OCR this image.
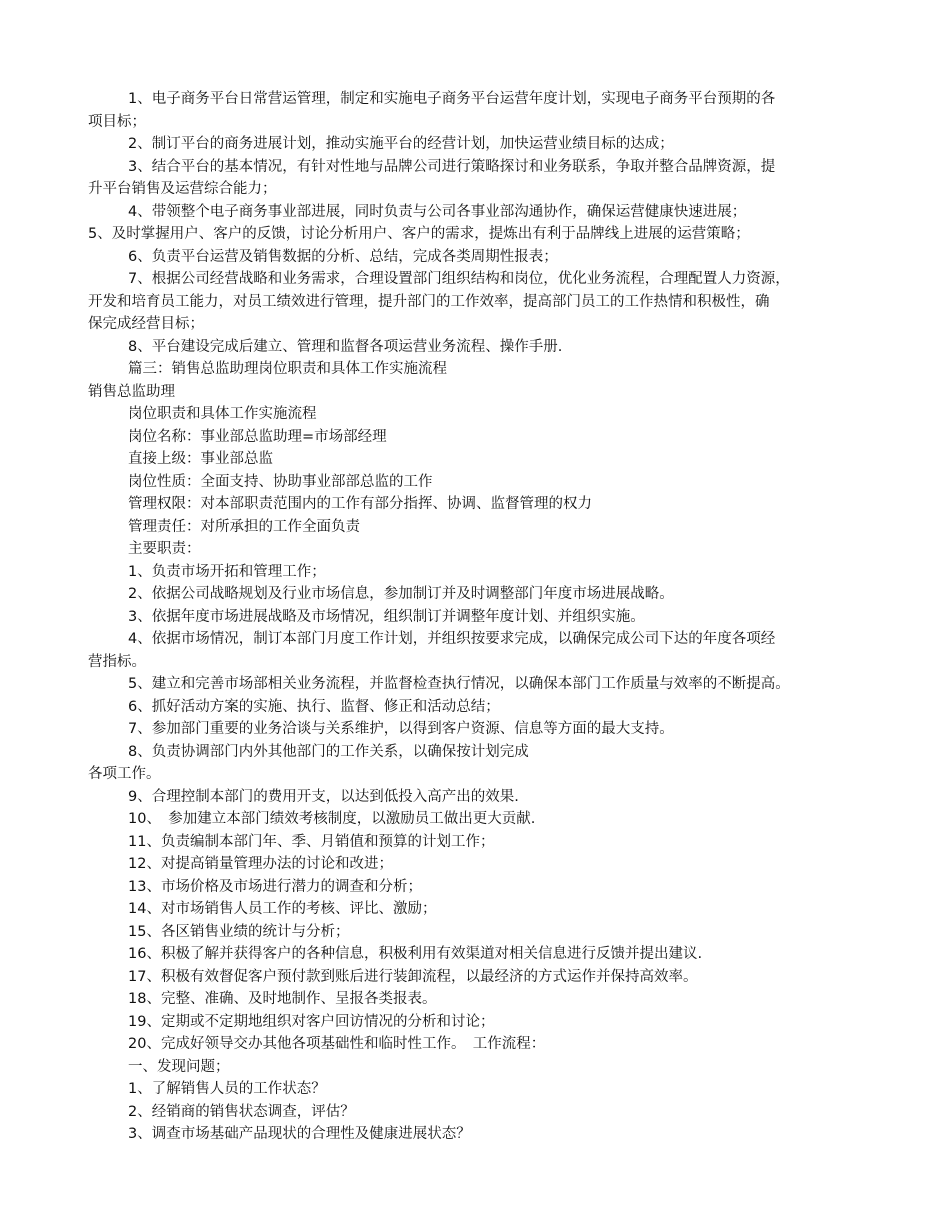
1、电子商务平台日常营运管理，制定和实施电子商务平台运营年度计划，实现电子商务平台预期的各

项目标；

2、制订平台的商务进展计划，推动实施平台的经营计划，加快运营业绩目标的达成；

3、结合平台的基本情况，有针对性地与品牌公司进行策略探讨和业务联系，争取并整合品牌资源，提

升平台销售及运营综合能力；

4、带领整个电子商务事业部进展，同时负责与公司各事业部沟通协作，确保运营健康快速进展；

5、及时掌握用户、客户的反馈，讨论分析用户、客户的需求，提炼出有利于品牌线上进展的运营策略；

6、负责平台运营及销售数据的分析、总结，完成各类周期性报表；

7、根据公司经营战略和业务需求，合理设置部门组织结构和岗位，优化业务流程，合理配置人力资源，

开发和培育员工能力，对员工绩效进行管理，提升部门的工作效率，提高部门员工的工作热情和积极性，确

保完成经营目标；

8、平台建设完成后建立、管理和监督各项运营业务流程、操作手册.

篇三：销售总监助理岗位职责和具体工作实施流程

销售总监助理

岗位职责和具体工作实施流程

岗位名称：事业部总监助理=市场部经理

直接上级：事业部总监

岗位性质：全面支持、协助事业部部总监的工作

管理权限：对本部职责范围内的工作有部分指挥、协调、监督管理的权力

管理责任：对所承担的工作全面负责

主要职责：

1、负责市场开拓和管理工作；

2、依据公司战略规划及行业市场信息，参加制订并及时调整部门年度市场进展战略。

3、依据年度市场进展战略及市场情况，组织制订并调整年度计划、并组织实施。

4、依据市场情况，制订本部门月度工作计划，并组织按要求完成，以确保完成公司下达的年度各项经

营指标。

5、建立和完善市场部相关业务流程，并监督检查执行情况，以确保本部门工作质量与效率的不断提高。

6、抓好活动方案的实施、执行、监督、修正和活动总结；

7、参加部门重要的业务洽谈与关系维护，以得到客户资源、信息等方面的最大支持。

8、负责协调部门内外其他部门的工作关系，以确保按计划完成

各项工作。

9、合理控制本部门的费用开支，以达到低投入高产出的效果.

10、　参加建立本部门绩效考核制度，以激励员工做出更大贡献.

11、负责编制本部门年、季、月销值和预算的计划工作；

12、对提高销量管理办法的讨论和改进；

13、市场价格及市场进行潜力的调查和分析；

14、对市场销售人员工作的考核、评比、激励；

15、各区销售业绩的统计与分析；

16、积极了解并获得客户的各种信息，积极利用有效渠道对相关信息进行反馈并提出建议.

17、积极有效督促客户预付款到账后进行装卸流程，以最经济的方式运作并保持高效率。

18、完整、准确、及时地制作、呈报各类报表。

19、定期或不定期地组织对客户回访情况的分析和讨论；

20、完成好领导交办其他各项基础性和临时性工作。　工作流程：

一、发现问题；

1、了解销售人员的工作状态？

2、经销商的销售状态调查，评估？

3、调查市场基础产品现状的合理性及健康进展状态？
